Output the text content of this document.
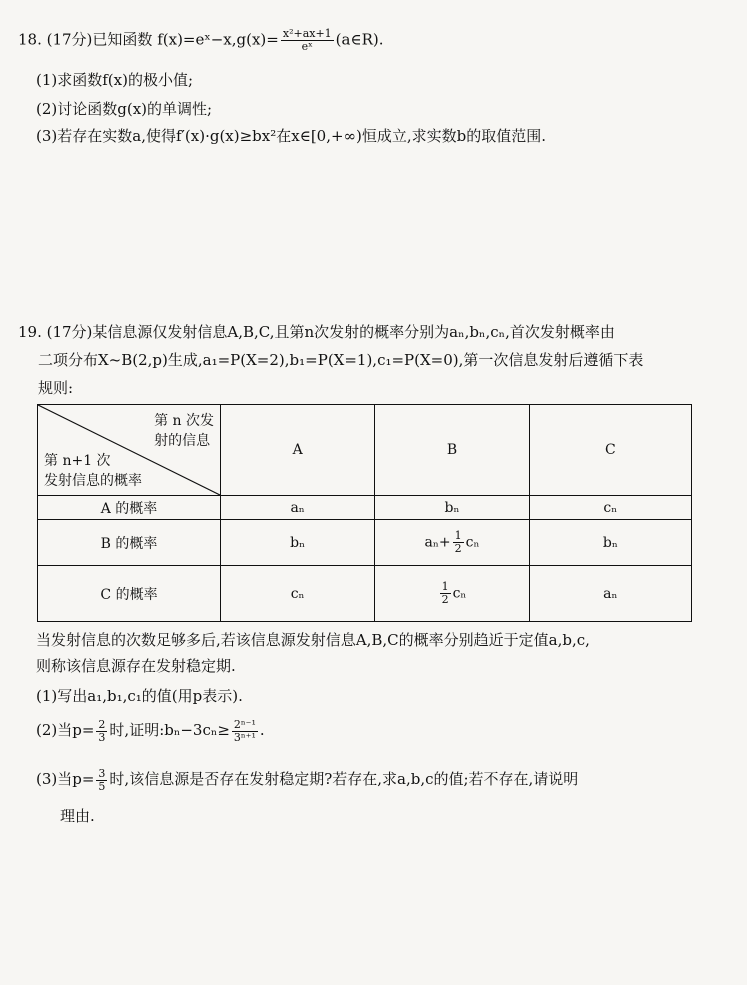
18. (17分)已知函数 f(x)=eˣ−x,g(x)= $\frac{\text{x²+ax+1}}{\text{eˣ}}$ (a∈R).
(1)求函数f(x)的极小值;
(2)讨论函数g(x)的单调性;
(3)若存在实数a,使得f′(x)·g(x)≥bx²在x∈[0,+∞)恒成立,求实数b的取值范围.
19. (17分)某信息源仅发射信息A,B,C,且第n次发射的概率分别为aₙ,bₙ,cₙ,首次发射概率由
二项分布X~B(2,p)生成,a₁=P(X=2),b₁=P(X=1),c₁=P(X=0),第一次信息发射后遵循下表
规则:
第 n 次发
射的信息
第 n+1 次
发射信息的概率	A	B	C
A 的概率	aₙ	bₙ	cₙ
B 的概率	bₙ	$a_n+ \frac{1}{2}$ cₙ	bₙ
C 的概率	cₙ	$\frac{1}{2}$ cₙ	aₙ
当发射信息的次数足够多后,若该信息源发射信息A,B,C的概率分别趋近于定值a,b,c,
则称该信息源存在发射稳定期.
(1)写出a₁,b₁,c₁的值(用p表示).
(2)当$p= \frac{2}{3}$ 时,证明:bₙ−3cₙ≥ $\frac{\text{2ⁿ⁻¹}}{\text{3ⁿ⁺¹}}$ .
(3)当$p= \frac{3}{5}$ 时,该信息源是否存在发射稳定期?若存在,求a,b,c的值;若不存在,请说明
理由.
